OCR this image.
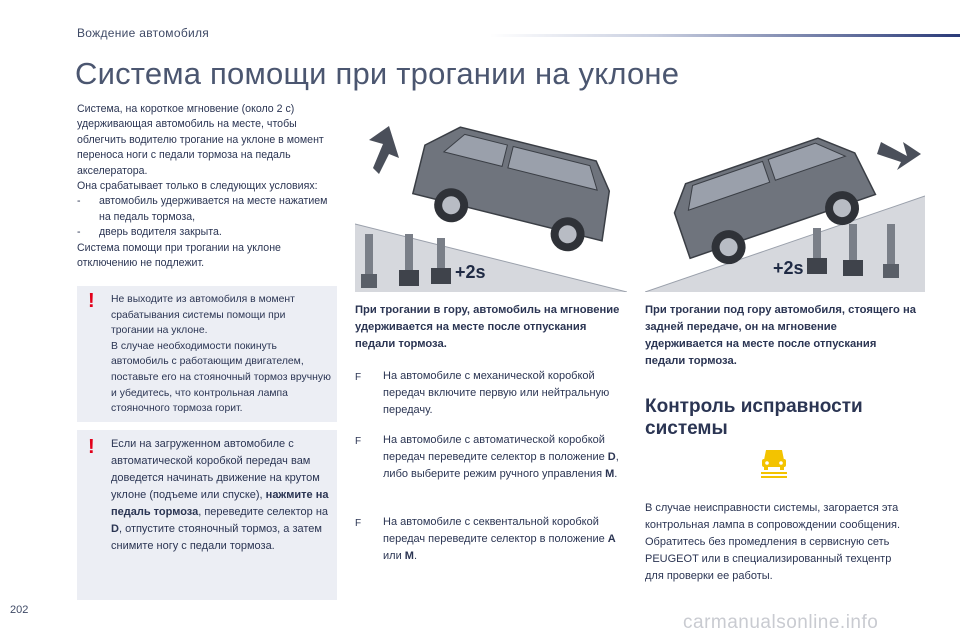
Вождение автомобиля
Система помощи при трогании на уклоне

Система, на короткое мгновение (около 2 с) удерживающая автомобиль на месте, чтобы облегчить водителю трогание на уклоне в момент переноса ноги с педали тормоза на педаль акселератора.

Она срабатывает только в следующих условиях:

-	автомобиль удерживается на месте нажатием на педаль тормоза,
-	дверь водителя закрыта.

Система помощи при трогании на уклоне отключению не подлежит.

! Не выходите из автомобиля в момент срабатывания системы помощи при трогании на уклоне.
В случае необходимости покинуть автомобиль с работающим двигателем, поставьте его на стояночный тормоз вручную и убедитесь, что контрольная лампа стояночного тормоза горит.
! Если на загруженном автомобиле с автоматической коробкой передач вам доведется начинать движение на крутом уклоне (подъеме или спуске), нажмите на педаль тормоза, переведите селектор на D, отпустите стояночный тормоз, а затем снимите ногу с педали тормоза.
+2s	+2s
При трогании в гору, автомобиль на мгновение удерживается на месте после отпускания педали тормоза.
При трогании под гору автомобиля, стоящего на задней передаче, он на мгновение удерживается на месте после отпускания педали тормоза.
F	На автомобиле с механической коробкой передач включите первую или нейтральную передачу.
F	На автомобиле с автоматической коробкой передач переведите селектор в положение D, либо выберите режим ручного управления M.
F	На автомобиле с секвентальной коробкой передач переведите селектор в положение A или M.
Контроль исправности системы
В случае неисправности системы, загорается эта контрольная лампа в сопровождении сообщения. Обратитесь без промедления в сервисную сеть PEUGEOT или в специализированный техцентр для проверки ее работы.
202
carmanualsonline.info
